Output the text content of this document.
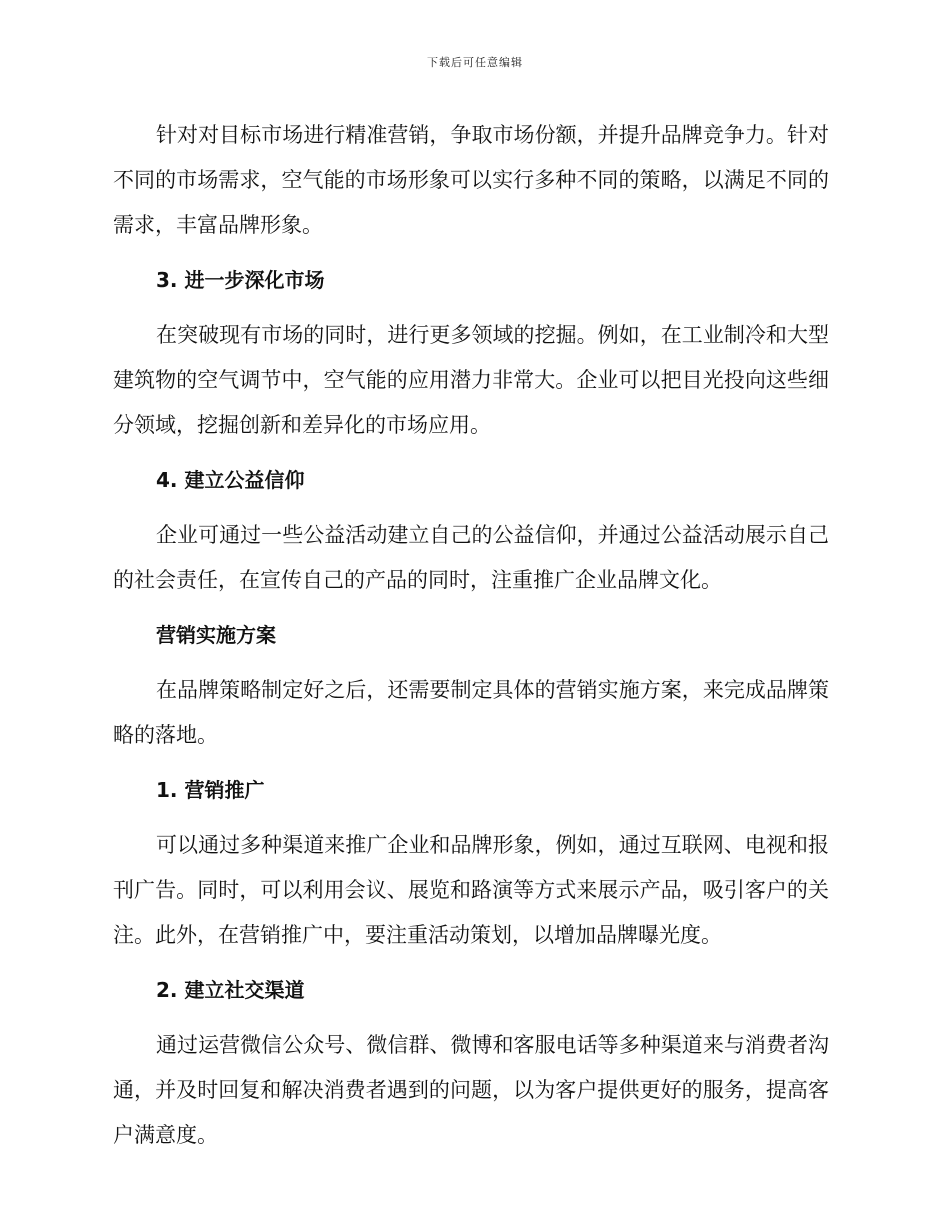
下载后可任意编辑

针对对目标市场进行精准营销，争取市场份额，并提升品牌竞争力。针对不同的市场需求，空气能的市场形象可以实行多种不同的策略，以满足不同的需求，丰富品牌形象。

3. 进一步深化市场

在突破现有市场的同时，进行更多领域的挖掘。例如，在工业制冷和大型建筑物的空气调节中，空气能的应用潜力非常大。企业可以把目光投向这些细分领域，挖掘创新和差异化的市场应用。

4. 建立公益信仰

企业可通过一些公益活动建立自己的公益信仰，并通过公益活动展示自己的社会责任，在宣传自己的产品的同时，注重推广企业品牌文化。

营销实施方案

在品牌策略制定好之后，还需要制定具体的营销实施方案，来完成品牌策略的落地。

1. 营销推广

可以通过多种渠道来推广企业和品牌形象，例如，通过互联网、电视和报刊广告。同时，可以利用会议、展览和路演等方式来展示产品，吸引客户的关注。此外，在营销推广中，要注重活动策划，以增加品牌曝光度。

2. 建立社交渠道

通过运营微信公众号、微信群、微博和客服电话等多种渠道来与消费者沟通，并及时回复和解决消费者遇到的问题，以为客户提供更好的服务，提高客户满意度。
